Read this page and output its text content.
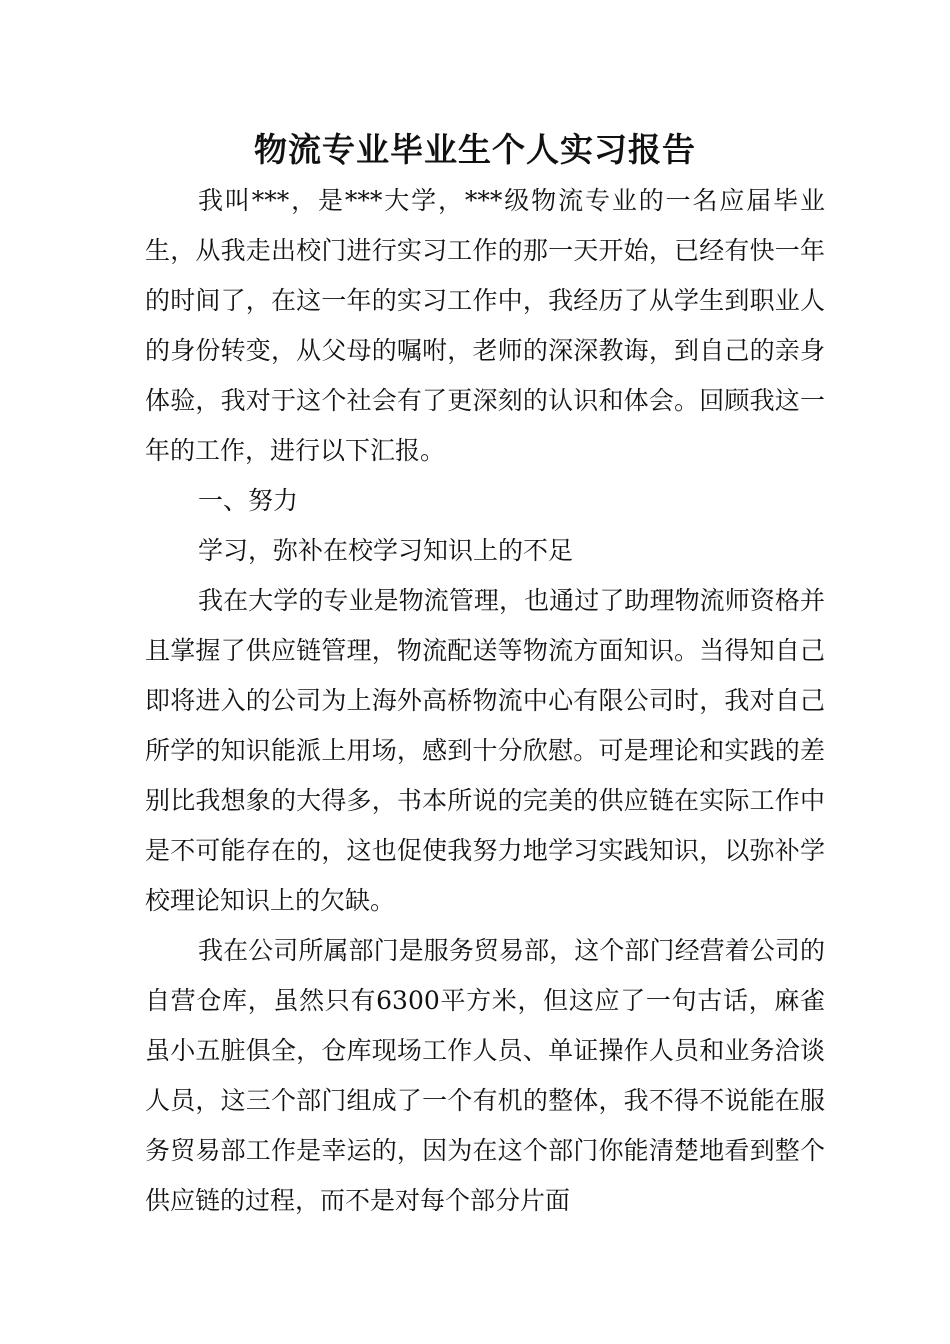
物流专业毕业生个人实习报告

我叫***，是***大学，***级物流专业的一名应届毕业生，从我走出校门进行实习工作的那一天开始，已经有快一年的时间了，在这一年的实习工作中，我经历了从学生到职业人的身份转变，从父母的嘱咐，老师的深深教诲，到自己的亲身体验，我对于这个社会有了更深刻的认识和体会。回顾我这一年的工作，进行以下汇报。

一、努力

学习，弥补在校学习知识上的不足

我在大学的专业是物流管理，也通过了助理物流师资格并且掌握了供应链管理，物流配送等物流方面知识。当得知自己即将进入的公司为上海外高桥物流中心有限公司时，我对自己所学的知识能派上用场，感到十分欣慰。可是理论和实践的差别比我想象的大得多，书本所说的完美的供应链在实际工作中是不可能存在的，这也促使我努力地学习实践知识，以弥补学校理论知识上的欠缺。

我在公司所属部门是服务贸易部，这个部门经营着公司的自营仓库，虽然只有6300平方米，但这应了一句古话，麻雀虽小五脏俱全，仓库现场工作人员、单证操作人员和业务洽谈人员，这三个部门组成了一个有机的整体，我不得不说能在服务贸易部工作是幸运的，因为在这个部门你能清楚地看到整个供应链的过程，而不是对每个部分片面
